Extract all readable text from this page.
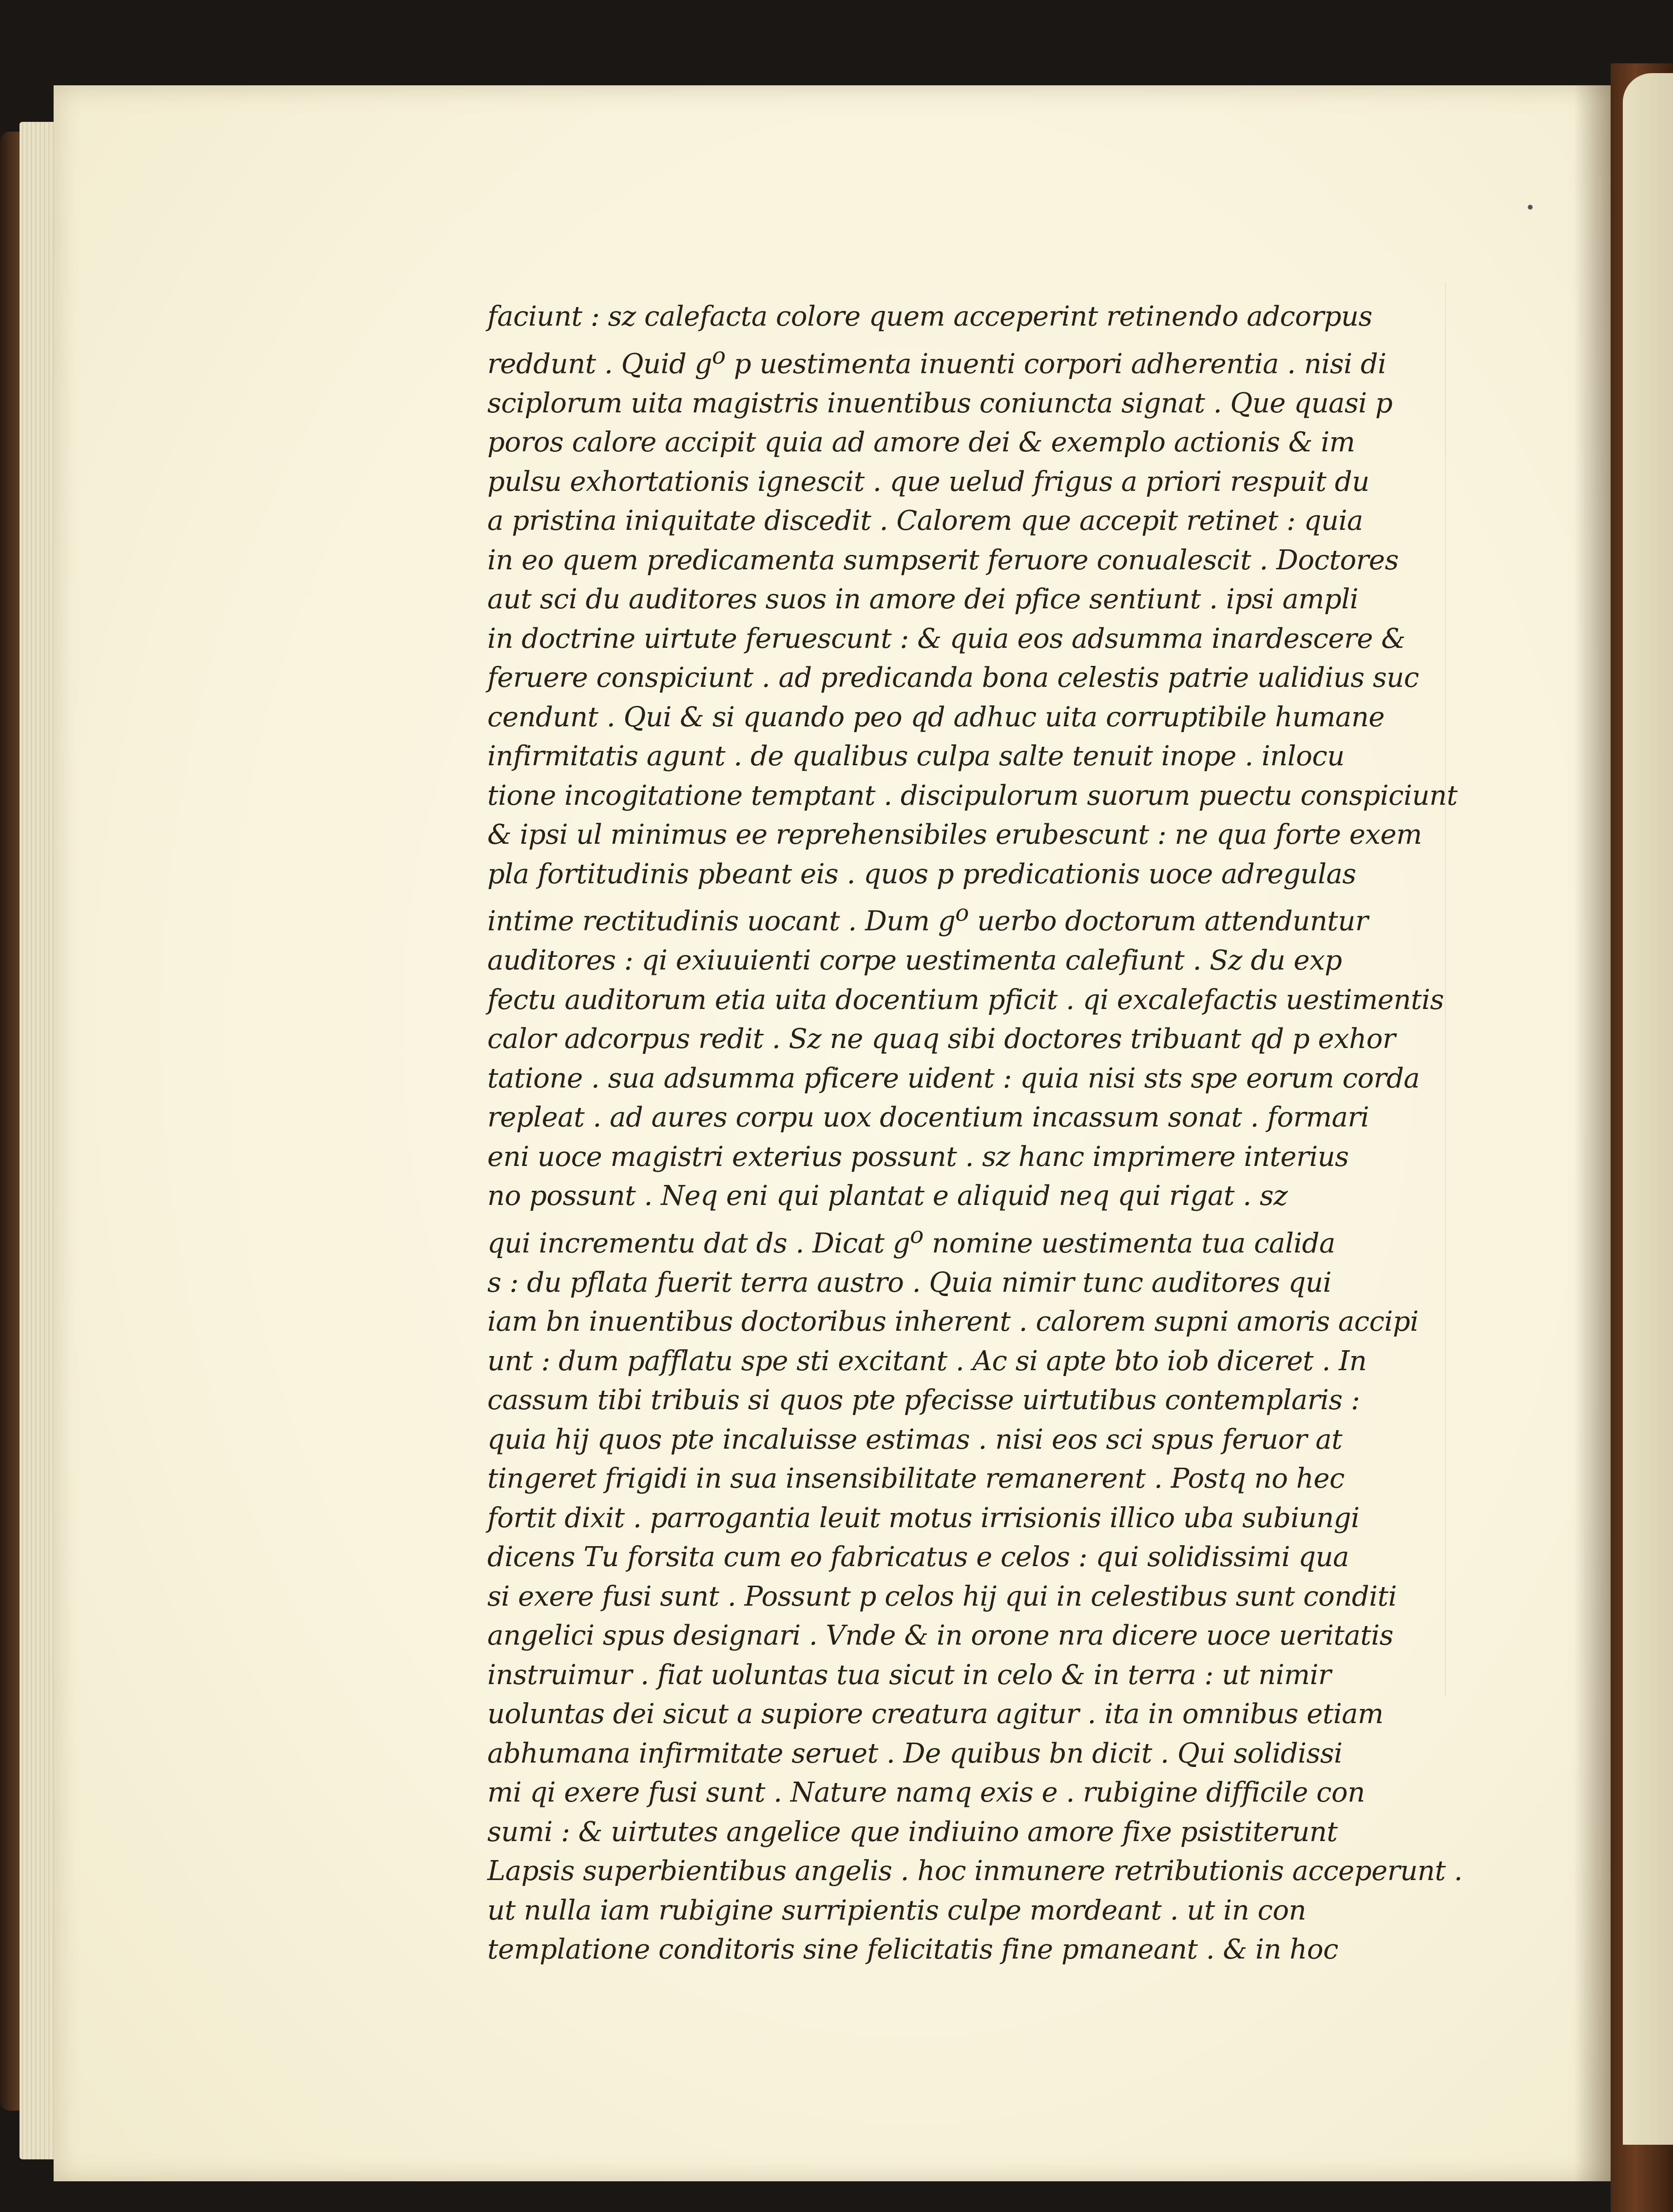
faciunt : sz calefacta colore quem acceperint retinendo adcorpus
reddunt . Quid $g^o$ p uestimenta inuenti corpori adherentia . nisi di
sciplorum uita magistris inuentibus coniuncta signat . Que quasi p
poros calore accipit quia ad amore dei & exemplo actionis & im
pulsu exhortationis ignescit . que uelud frigus a priori respuit du
a pristina iniquitate discedit . Calorem que accepit retinet : quia
in eo quem predicamenta sumpserit feruore conualescit . Doctores
aut sci du auditores suos in amore dei pfice sentiunt . ipsi ampli
in doctrine uirtute feruescunt : & quia eos adsumma inardescere &
feruere conspiciunt . ad predicanda bona celestis patrie ualidius suc
cendunt . Qui & si quando peo qd adhuc uita corruptibile humane
infirmitatis agunt . de qualibus culpa salte tenuit inope . inlocu
tione incogitatione temptant . discipulorum suorum puectu conspiciunt
& ipsi ul minimus ee reprehensibiles erubescunt : ne qua forte exem
pla fortitudinis pbeant eis . quos p predicationis uoce adregulas
intime rectitudinis uocant . Dum $g^o$ uerbo doctorum attenduntur
auditores : qi exiuuienti corpe uestimenta calefiunt . Sz du exp
fectu auditorum etia uita docentium pficit . qi excalefactis uestimentis
calor adcorpus redit . Sz ne quaq sibi doctores tribuant qd p exhor
tatione . sua adsumma pficere uident : quia nisi sts spe eorum corda
repleat . ad aures corpu uox docentium incassum sonat . formari
eni uoce magistri exterius possunt . sz hanc imprimere interius
no possunt . Neq eni qui plantat e aliquid neq qui rigat . sz
qui incrementu dat ds . Dicat $g^o$ nomine uestimenta tua calida
s : du pflata fuerit terra austro . Quia nimir tunc auditores qui
iam bn inuentibus doctoribus inherent . calorem supni amoris accipi
unt : dum pafflatu spe sti excitant . Ac si apte bto iob diceret . In
cassum tibi tribuis si quos pte pfecisse uirtutibus contemplaris :
quia hij quos pte incaluisse estimas . nisi eos sci spus feruor at
tingeret frigidi in sua insensibilitate remanerent . Postq no hec
fortit dixit . parrogantia leuit motus irrisionis illico uba subiungi
dicens Tu forsita cum eo fabricatus e celos : qui solidissimi qua
si exere fusi sunt . Possunt p celos hij qui in celestibus sunt conditi
angelici spus designari . Vnde & in orone nra dicere uoce ueritatis
instruimur . fiat uoluntas tua sicut in celo & in terra : ut nimir
uoluntas dei sicut a supiore creatura agitur . ita in omnibus etiam
abhumana infirmitate seruet . De quibus bn dicit . Qui solidissi
mi qi exere fusi sunt . Nature namq exis e . rubigine difficile con
sumi : & uirtutes angelice que indiuino amore fixe psistiterunt
Lapsis superbientibus angelis . hoc inmunere retributionis acceperunt .
ut nulla iam rubigine surripientis culpe mordeant . ut in con
templatione conditoris sine felicitatis fine pmaneant . & in hoc
